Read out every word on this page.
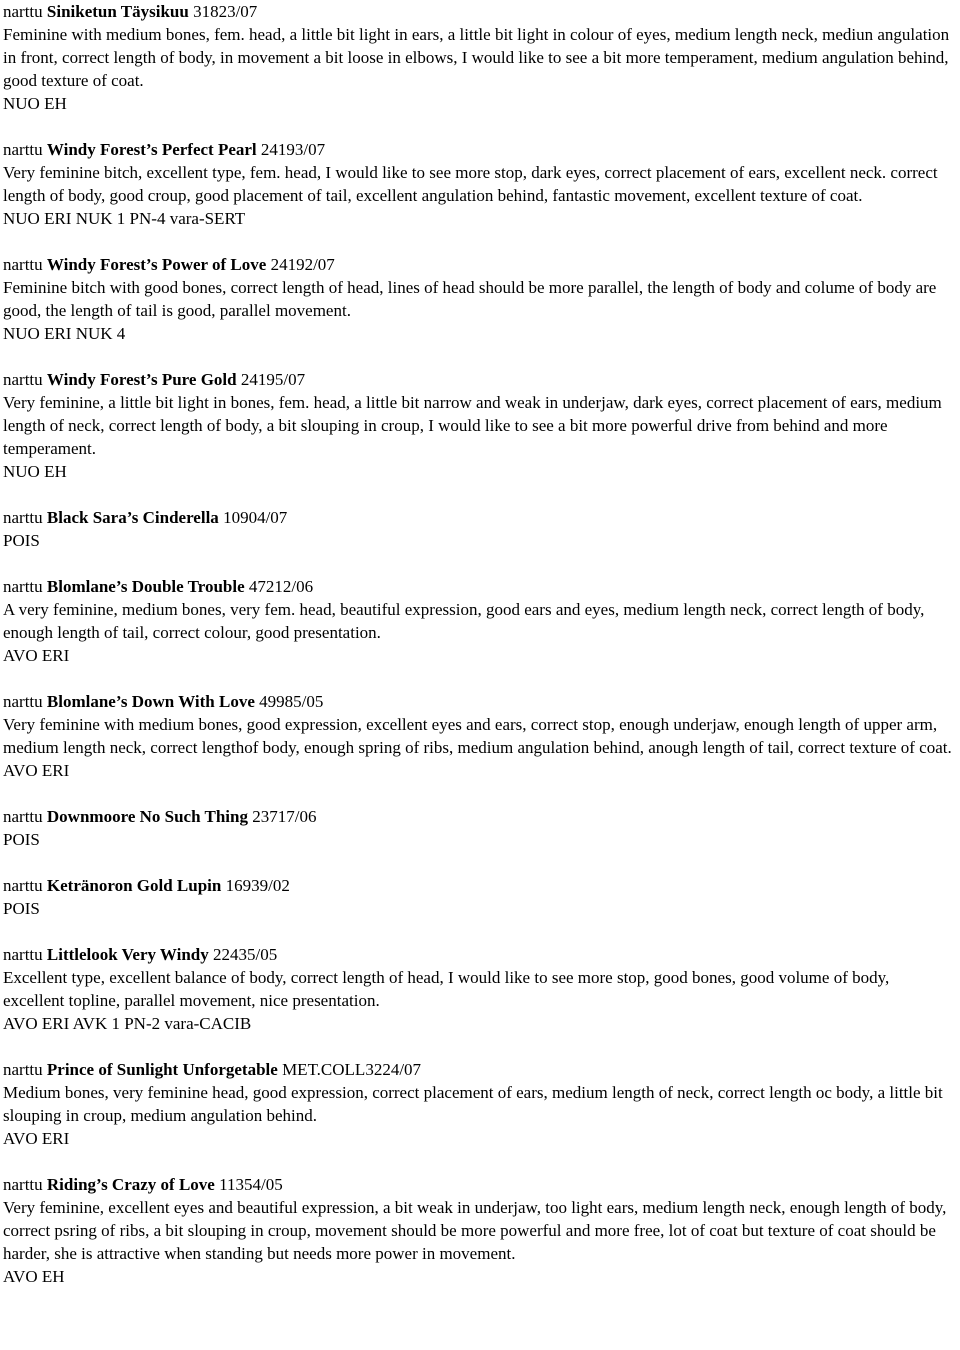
narttu Siniketun Täysikuu 31823/07
Feminine with medium bones, fem. head, a little bit light in ears, a little bit light in colour of eyes, medium length neck, mediun angulation in front, correct length of body, in movement a bit loose in elbows, I would like to see a bit more temperament, medium angulation behind, good texture of coat.
NUO EH
narttu Windy Forest’s Perfect Pearl 24193/07
Very feminine bitch, excellent type, fem. head, I would like to see more stop, dark eyes, correct placement of ears, excellent neck. correct length of body, good croup, good placement of tail, excellent angulation behind, fantastic movement, excellent texture of coat.
NUO ERI NUK 1 PN-4 vara-SERT
narttu Windy Forest’s Power of Love 24192/07
Feminine bitch with good bones, correct length of head, lines of head should be more parallel, the length of body and colume of body are good, the length of tail is good, parallel movement.
NUO ERI NUK 4
narttu Windy Forest’s Pure Gold 24195/07
Very feminine, a little bit light in bones, fem. head, a little bit narrow and weak in underjaw, dark eyes, correct placement of ears, medium length of neck, correct length of body, a bit slouping in croup, I would like to see a bit more powerful drive from behind and more temperament.
NUO EH
narttu Black Sara’s Cinderella 10904/07
POIS
narttu Blomlane’s Double Trouble 47212/06
A very feminine, medium bones, very fem. head, beautiful expression, good ears and eyes, medium length neck, correct length of body, enough length of tail, correct colour, good presentation.
AVO ERI
narttu Blomlane’s Down With Love 49985/05
Very feminine with medium bones, good expression, excellent eyes and ears, correct stop, enough underjaw, enough length of upper arm, medium length neck, correct lengthof body, enough spring of ribs, medium angulation behind, anough length of tail, correct texture of coat.
AVO ERI
narttu Downmoore No Such Thing 23717/06
POIS
narttu Ketränoron Gold Lupin 16939/02
POIS
narttu Littlelook Very Windy 22435/05
Excellent type, excellent balance of body, correct length of head, I would like to see more stop, good bones, good volume of body, excellent topline, parallel movement, nice presentation.
AVO ERI AVK 1 PN-2 vara-CACIB
narttu Prince of Sunlight Unforgetable MET.COLL3224/07
Medium bones, very feminine head, good expression, correct placement of ears, medium length of neck, correct length oc body, a little bit slouping in croup, medium angulation behind.
AVO ERI
narttu Riding’s Crazy of Love 11354/05
Very feminine, excellent eyes and beautiful expression, a bit weak in underjaw, too light ears, medium length neck, enough length of body, correct psring of ribs, a bit slouping in croup, movement should be more powerful and more free, lot of coat but texture of coat should be harder, she is attractive when standing but needs more power in movement.
AVO EH
